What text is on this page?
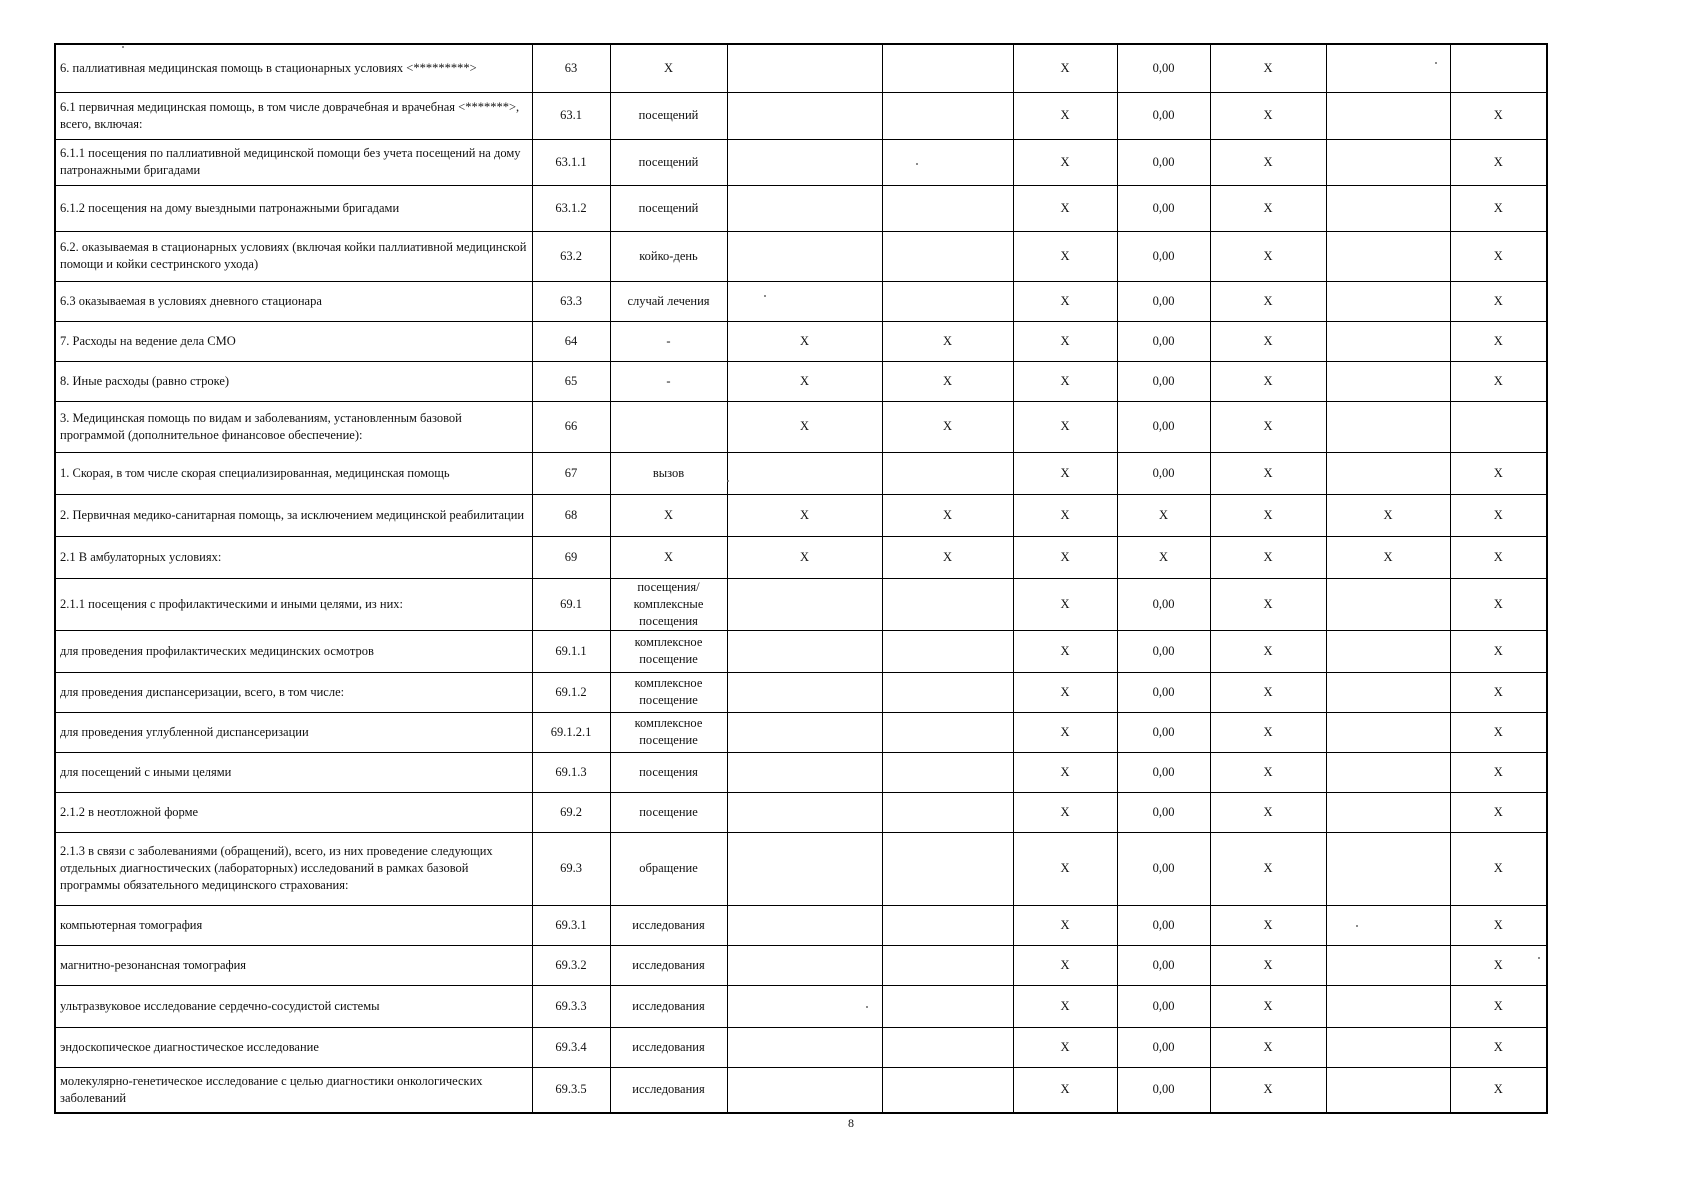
6. паллиативная медицинская помощь в стационарных условиях <*********>	63	X			X	0,00	X		
6.1 первичная медицинская помощь, в том числе доврачебная и врачебная <*******>, всего, включая:	63.1	посещений			X	0,00	X		X
6.1.1 посещения по паллиативной медицинской помощи без учета посещений на дому патронажными бригадами	63.1.1	посещений			X	0,00	X		X
6.1.2 посещения на дому выездными патронажными бригадами	63.1.2	посещений			X	0,00	X		X
6.2. оказываемая в стационарных условиях (включая койки паллиативной медицинской помощи и койки сестринского ухода)	63.2	койко-день			X	0,00	X		X
6.3 оказываемая в условиях дневного стационара	63.3	случай лечения			X	0,00	X		X
7. Расходы на ведение дела СМО	64	-	X	X	X	0,00	X		X
8. Иные расходы (равно строке)	65	-	X	X	X	0,00	X		X
3. Медицинская помощь по видам и заболеваниям, установленным базовой программой (дополнительное финансовое обеспечение):	66		X	X	X	0,00	X		
1. Скорая, в том числе скорая специализированная, медицинская помощь	67	вызов			X	0,00	X		X
2. Первичная медико-санитарная помощь, за исключением медицинской реабилитации	68	X	X	X	X	X	X	X	X
2.1 В амбулаторных условиях:	69	X	X	X	X	X	X	X	X
2.1.1 посещения с профилактическими и иными целями, из них:	69.1	посещения/ комплексные посещения			X	0,00	X		X
для проведения профилактических медицинских осмотров	69.1.1	комплексное посещение			X	0,00	X		X
для проведения диспансеризации, всего, в том числе:	69.1.2	комплексное посещение			X	0,00	X		X
для проведения углубленной диспансеризации	69.1.2.1	комплексное посещение			X	0,00	X		X
для посещений с иными целями	69.1.3	посещения			X	0,00	X		X
2.1.2 в неотложной форме	69.2	посещение			X	0,00	X		X
2.1.3 в связи с заболеваниями (обращений), всего, из них проведение следующих отдельных диагностических (лабораторных) исследований в рамках базовой программы обязательного медицинского страхования:	69.3	обращение			X	0,00	X		X
компьютерная томография	69.3.1	исследования			X	0,00	X		X
магнитно-резонансная томография	69.3.2	исследования			X	0,00	X		X
ультразвуковое исследование сердечно-сосудистой системы	69.3.3	исследования			X	0,00	X		X
эндоскопическое диагностическое исследование	69.3.4	исследования			X	0,00	X		X
молекулярно-генетическое исследование с целью диагностики онкологических заболеваний	69.3.5	исследования			X	0,00	X		X
8
